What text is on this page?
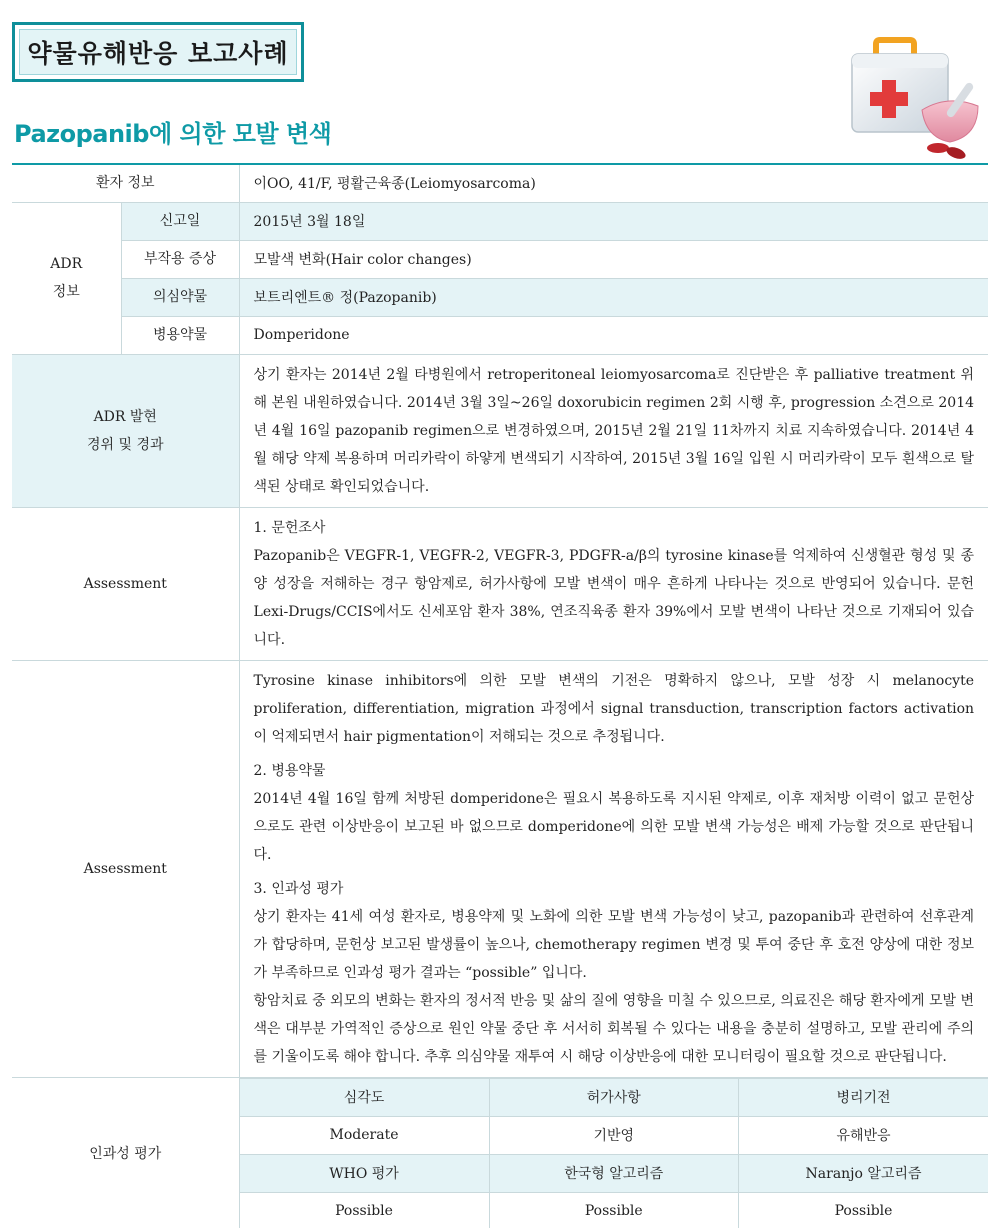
약물유해반응 보고사례
Pazopanib에 의한 모발 변색
환자 정보	이OO, 41/F, 평활근육종(Leiomyosarcoma)

ADR
정보
	신고일	2015년 3월 18일
부작용 증상	모발색 변화(Hair color changes)
의심약물	보트리엔트® 정(Pazopanib)
병용약물	Domperidone

ADR 발현
경위 및 경과
	상기 환자는 2014년 2월 타병원에서 retroperitoneal leiomyosarcoma로 진단받은 후 palliative treatment 위해 본원 내원하였습니다. 2014년 3월 3일~26일 doxorubicin regimen 2회 시행 후, progression 소견으로 2014년 4월 16일 pazopanib regimen으로 변경하였으며, 2015년 2월 21일 11차까지 치료 지속하였습니다. 2014년 4월 해당 약제 복용하며 머리카락이 하얗게 변색되기 시작하여, 2015년 3월 16일 입원 시 머리카락이 모두 흰색으로 탈색된 상태로 확인되었습니다.
Assessment	
1. 문헌조사
Pazopanib은 VEGFR-1, VEGFR-2, VEGFR-3, PDGFR-a/β의 tyrosine kinase를 억제하여 신생혈관 형성 및 종양 성장을 저해하는 경구 항암제로, 허가사항에 모발 변색이 매우 흔하게 나타나는 것으로 반영되어 있습니다. 문헌 Lexi-Drugs/CCIS에서도 신세포암 환자 38%, 연조직육종 환자 39%에서 모발 변색이 나타난 것으로 기재되어 있습니다.

Assessment	
Tyrosine kinase inhibitors에 의한 모발 변색의 기전은 명확하지 않으나, 모발 성장 시 melanocyte proliferation, differentiation, migration 과정에서 signal transduction, transcription factors activation이 억제되면서 hair pigmentation이 저해되는 것으로 추정됩니다.
2. 병용약물
2014년 4월 16일 함께 처방된 domperidone은 필요시 복용하도록 지시된 약제로, 이후 재처방 이력이 없고 문헌상으로도 관련 이상반응이 보고된 바 없으므로 domperidone에 의한 모발 변색 가능성은 배제 가능할 것으로 판단됩니다.
3. 인과성 평가
상기 환자는 41세 여성 환자로, 병용약제 및 노화에 의한 모발 변색 가능성이 낮고, pazopanib과 관련하여 선후관계가 합당하며, 문헌상 보고된 발생률이 높으나, chemotherapy regimen 변경 및 투여 중단 후 호전 양상에 대한 정보가 부족하므로 인과성 평가 결과는 “possible” 입니다.
항암치료 중 외모의 변화는 환자의 정서적 반응 및 삶의 질에 영향을 미칠 수 있으므로, 의료진은 해당 환자에게 모발 변색은 대부분 가역적인 증상으로 원인 약물 중단 후 서서히 회복될 수 있다는 내용을 충분히 설명하고, 모발 관리에 주의를 기울이도록 해야 합니다. 추후 의심약물 재투여 시 해당 이상반응에 대한 모니터링이 필요할 것으로 판단됩니다.

인과성 평가	
심각도	허가사항	병리기전
Moderate	기반영	유해반응
WHO 평가	한국형 알고리즘	Naranjo 알고리즘
Possible	Possible	Possible
